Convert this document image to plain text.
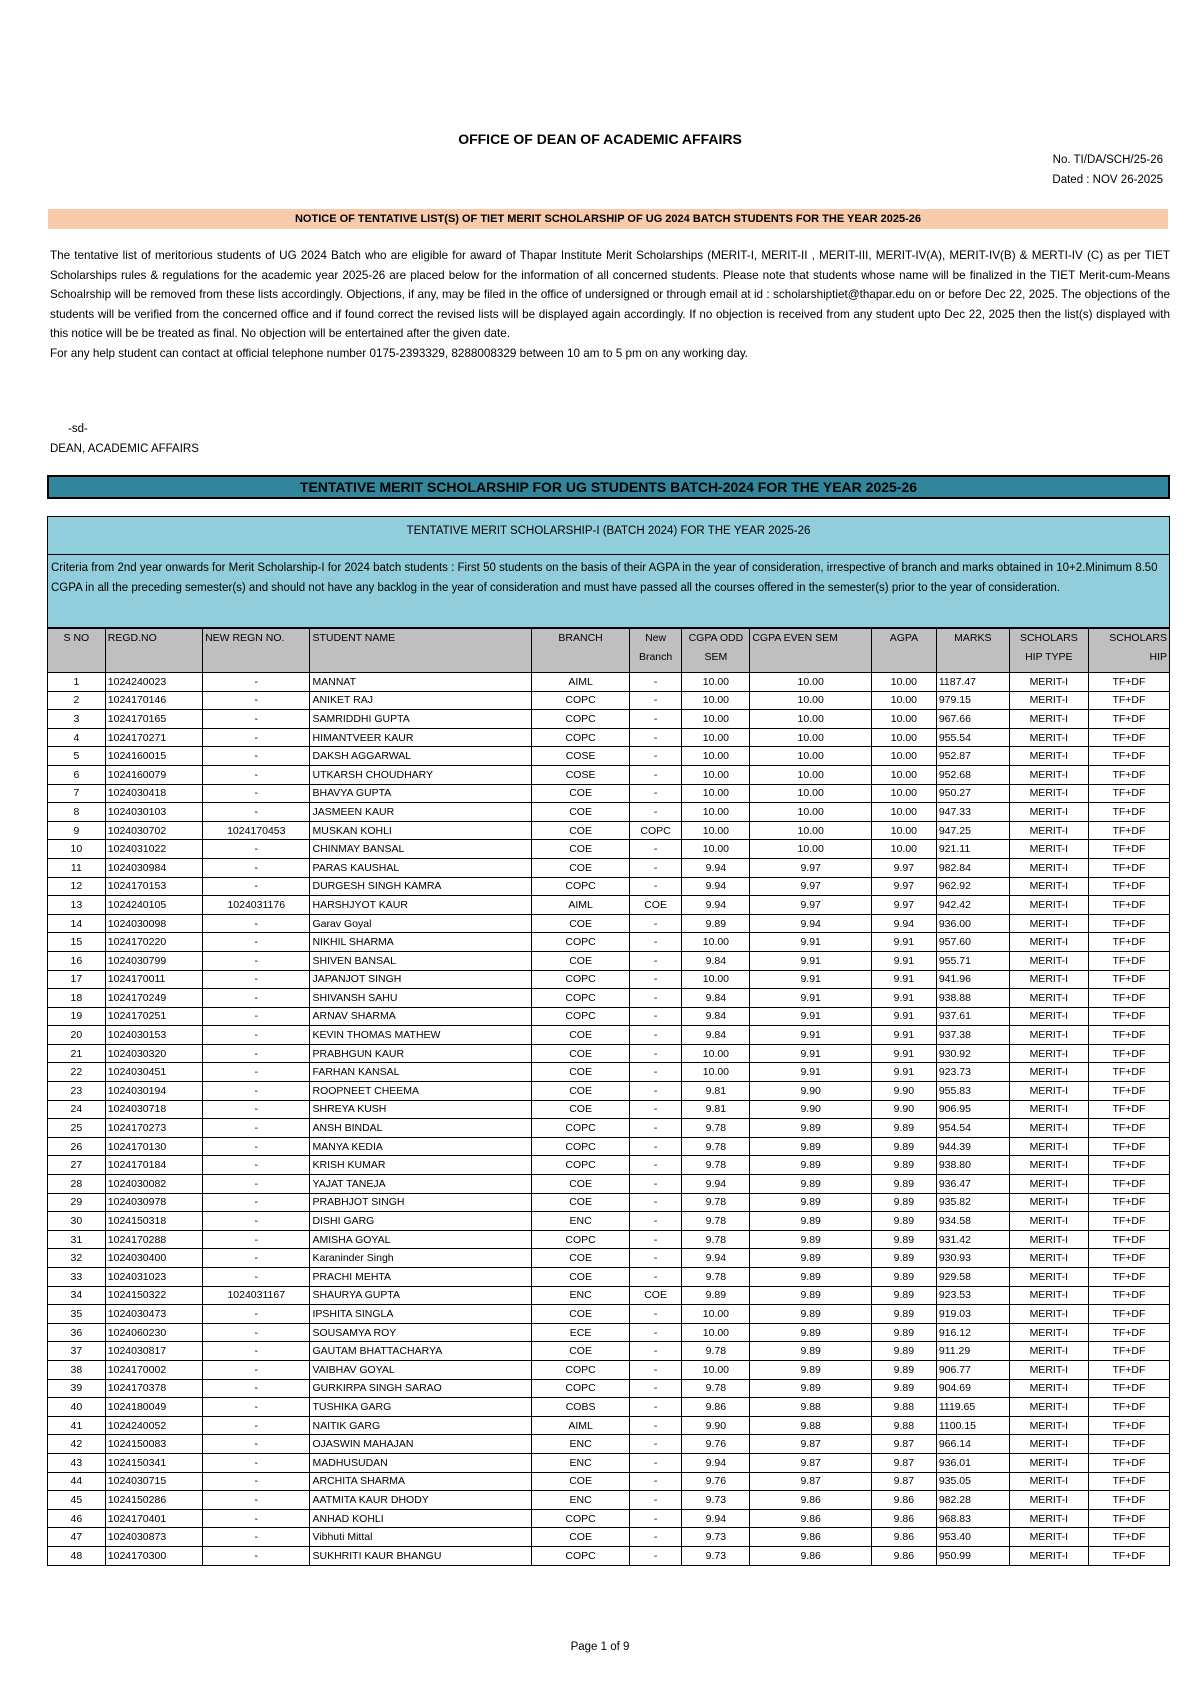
OFFICE OF DEAN OF ACADEMIC AFFAIRS
No. TI/DA/SCH/25-26
Dated : NOV 26-2025
NOTICE OF TENTATIVE LIST(S) OF TIET MERIT SCHOLARSHIP OF UG 2024 BATCH STUDENTS FOR THE YEAR 2025-26
The tentative list of meritorious students of UG 2024 Batch who are eligible for award of Thapar Institute Merit Scholarships (MERIT-I, MERIT-II , MERIT-III, MERIT-IV(A), MERIT-IV(B) & MERTI-IV (C) as per TIET Scholarships rules & regulations for the academic year 2025-26 are placed below for the information of all concerned students. Please note that students whose name will be finalized in the TIET Merit-cum-Means Schoalrship will be removed from these lists accordingly. Objections, if any, may be filed in the office of undersigned or through email at id : scholarshiptiet@thapar.edu on or before Dec 22, 2025. The objections of the students will be verified from the concerned office and if found correct the revised lists will be displayed again accordingly. If no objection is received from any student upto Dec 22, 2025 then the list(s) displayed with this notice will be be treated as final. No objection will be entertained after the given date.
For any help student can contact at official telephone number 0175-2393329, 8288008329 between 10 am to 5 pm on any working day.
-sd-
DEAN, ACADEMIC AFFAIRS
TENTATIVE MERIT SCHOLARSHIP FOR UG STUDENTS BATCH-2024 FOR THE YEAR 2025-26
TENTATIVE MERIT SCHOLARSHIP-I (BATCH 2024) FOR THE YEAR 2025-26
Criteria from 2nd year onwards for Merit Scholarship-I for 2024 batch students : First 50 students on the basis of their AGPA in the year of consideration, irrespective of branch and marks obtained in 10+2.Minimum 8.50 CGPA in all the preceding semester(s) and should not have any backlog in the year of consideration and must have passed all the courses offered in the semester(s) prior to the year of consideration.
S NO	REGD.NO	NEW REGN NO.	STUDENT NAME	BRANCH	New Branch	CGPA ODD SEM	CGPA EVEN SEM	AGPA	MARKS	SCHOLARS HIP TYPE	SCHOLARS HIP
1	1024240023	-	MANNAT	AIML	-	10.00	10.00	10.00	1187.47	MERIT-I	TF+DF
2	1024170146	-	ANIKET RAJ	COPC	-	10.00	10.00	10.00	979.15	MERIT-I	TF+DF
3	1024170165	-	SAMRIDDHI GUPTA	COPC	-	10.00	10.00	10.00	967.66	MERIT-I	TF+DF
4	1024170271	-	HIMANTVEER KAUR	COPC	-	10.00	10.00	10.00	955.54	MERIT-I	TF+DF
5	1024160015	-	DAKSH AGGARWAL	COSE	-	10.00	10.00	10.00	952.87	MERIT-I	TF+DF
6	1024160079	-	UTKARSH CHOUDHARY	COSE	-	10.00	10.00	10.00	952.68	MERIT-I	TF+DF
7	1024030418	-	BHAVYA GUPTA	COE	-	10.00	10.00	10.00	950.27	MERIT-I	TF+DF
8	1024030103	-	JASMEEN KAUR	COE	-	10.00	10.00	10.00	947.33	MERIT-I	TF+DF
9	1024030702	1024170453	MUSKAN KOHLI	COE	COPC	10.00	10.00	10.00	947.25	MERIT-I	TF+DF
10	1024031022	-	CHINMAY BANSAL	COE	-	10.00	10.00	10.00	921.11	MERIT-I	TF+DF
11	1024030984	-	PARAS KAUSHAL	COE	-	9.94	9.97	9.97	982.84	MERIT-I	TF+DF
12	1024170153	-	DURGESH SINGH KAMRA	COPC	-	9.94	9.97	9.97	962.92	MERIT-I	TF+DF
13	1024240105	1024031176	HARSHJYOT KAUR	AIML	COE	9.94	9.97	9.97	942.42	MERIT-I	TF+DF
14	1024030098	-	Garav Goyal	COE	-	9.89	9.94	9.94	936.00	MERIT-I	TF+DF
15	1024170220	-	NIKHIL SHARMA	COPC	-	10.00	9.91	9.91	957.60	MERIT-I	TF+DF
16	1024030799	-	SHIVEN BANSAL	COE	-	9.84	9.91	9.91	955.71	MERIT-I	TF+DF
17	1024170011	-	JAPANJOT SINGH	COPC	-	10.00	9.91	9.91	941.96	MERIT-I	TF+DF
18	1024170249	-	SHIVANSH SAHU	COPC	-	9.84	9.91	9.91	938.88	MERIT-I	TF+DF
19	1024170251	-	ARNAV SHARMA	COPC	-	9.84	9.91	9.91	937.61	MERIT-I	TF+DF
20	1024030153	-	KEVIN THOMAS MATHEW	COE	-	9.84	9.91	9.91	937.38	MERIT-I	TF+DF
21	1024030320	-	PRABHGUN KAUR	COE	-	10.00	9.91	9.91	930.92	MERIT-I	TF+DF
22	1024030451	-	FARHAN KANSAL	COE	-	10.00	9.91	9.91	923.73	MERIT-I	TF+DF
23	1024030194	-	ROOPNEET CHEEMA	COE	-	9.81	9.90	9.90	955.83	MERIT-I	TF+DF
24	1024030718	-	SHREYA KUSH	COE	-	9.81	9.90	9.90	906.95	MERIT-I	TF+DF
25	1024170273	-	ANSH BINDAL	COPC	-	9.78	9.89	9.89	954.54	MERIT-I	TF+DF
26	1024170130	-	MANYA KEDIA	COPC	-	9.78	9.89	9.89	944.39	MERIT-I	TF+DF
27	1024170184	-	KRISH KUMAR	COPC	-	9.78	9.89	9.89	938.80	MERIT-I	TF+DF
28	1024030082	-	YAJAT TANEJA	COE	-	9.94	9.89	9.89	936.47	MERIT-I	TF+DF
29	1024030978	-	PRABHJOT SINGH	COE	-	9.78	9.89	9.89	935.82	MERIT-I	TF+DF
30	1024150318	-	DISHI GARG	ENC	-	9.78	9.89	9.89	934.58	MERIT-I	TF+DF
31	1024170288	-	AMISHA GOYAL	COPC	-	9.78	9.89	9.89	931.42	MERIT-I	TF+DF
32	1024030400	-	Karaninder Singh	COE	-	9.94	9.89	9.89	930.93	MERIT-I	TF+DF
33	1024031023	-	PRACHI MEHTA	COE	-	9.78	9.89	9.89	929.58	MERIT-I	TF+DF
34	1024150322	1024031167	SHAURYA GUPTA	ENC	COE	9.89	9.89	9.89	923.53	MERIT-I	TF+DF
35	1024030473	-	IPSHITA SINGLA	COE	-	10.00	9.89	9.89	919.03	MERIT-I	TF+DF
36	1024060230	-	SOUSAMYA ROY	ECE	-	10.00	9.89	9.89	916.12	MERIT-I	TF+DF
37	1024030817	-	GAUTAM BHATTACHARYA	COE	-	9.78	9.89	9.89	911.29	MERIT-I	TF+DF
38	1024170002	-	VAIBHAV GOYAL	COPC	-	10.00	9.89	9.89	906.77	MERIT-I	TF+DF
39	1024170378	-	GURKIRPA SINGH SARAO	COPC	-	9.78	9.89	9.89	904.69	MERIT-I	TF+DF
40	1024180049	-	TUSHIKA GARG	COBS	-	9.86	9.88	9.88	1119.65	MERIT-I	TF+DF
41	1024240052	-	NAITIK GARG	AIML	-	9.90	9.88	9.88	1100.15	MERIT-I	TF+DF
42	1024150083	-	OJASWIN MAHAJAN	ENC	-	9.76	9.87	9.87	966.14	MERIT-I	TF+DF
43	1024150341	-	MADHUSUDAN	ENC	-	9.94	9.87	9.87	936.01	MERIT-I	TF+DF
44	1024030715	-	ARCHITA SHARMA	COE	-	9.76	9.87	9.87	935.05	MERIT-I	TF+DF
45	1024150286	-	AATMITA KAUR DHODY	ENC	-	9.73	9.86	9.86	982.28	MERIT-I	TF+DF
46	1024170401	-	ANHAD KOHLI	COPC	-	9.94	9.86	9.86	968.83	MERIT-I	TF+DF
47	1024030873	-	Vibhuti Mittal	COE	-	9.73	9.86	9.86	953.40	MERIT-I	TF+DF
48	1024170300	-	SUKHRITI KAUR BHANGU	COPC	-	9.73	9.86	9.86	950.99	MERIT-I	TF+DF
Page 1 of 9
